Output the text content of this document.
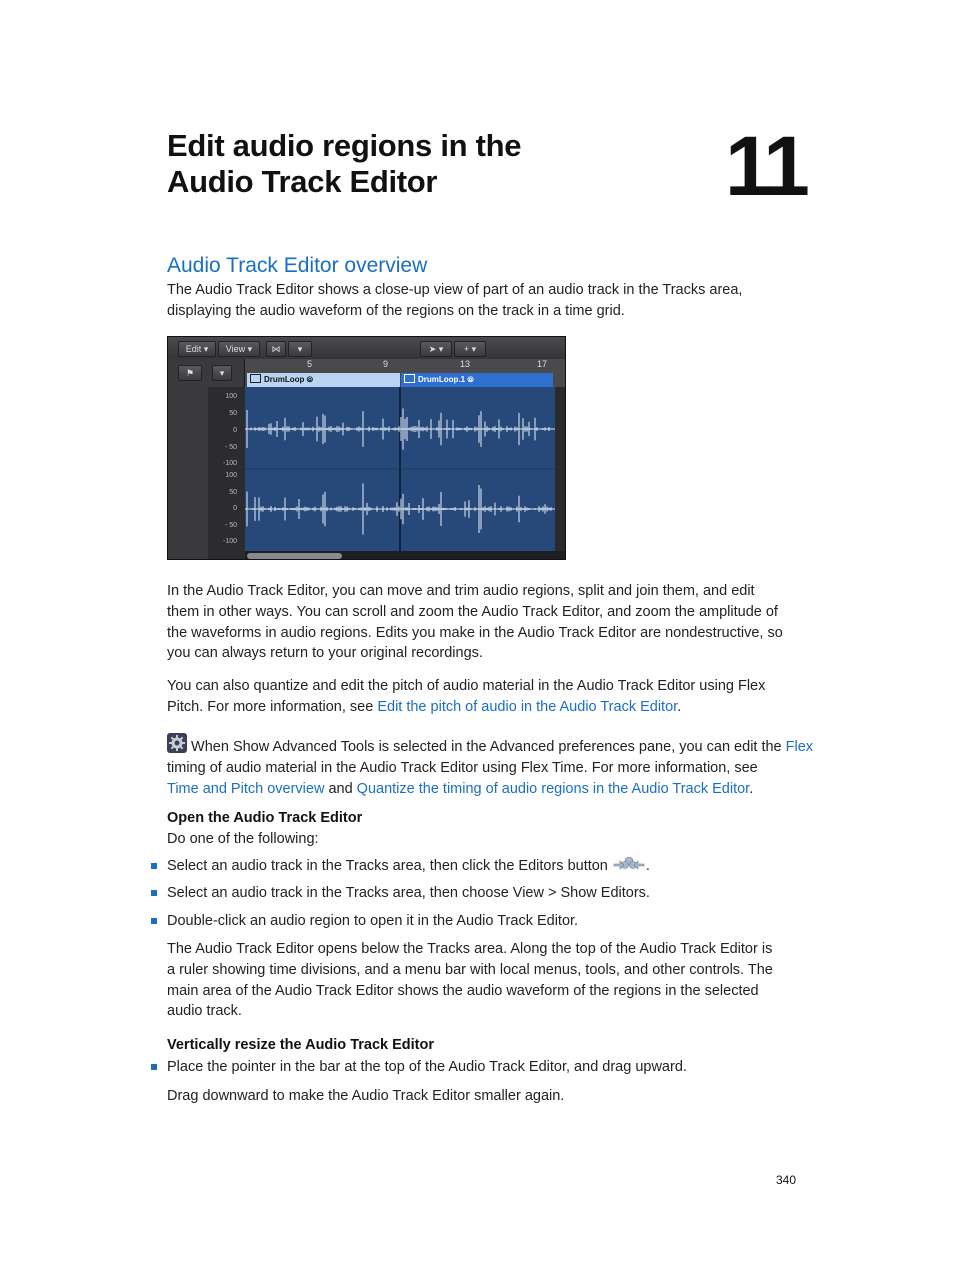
Edit audio regions in the
Audio Track Editor	11
Audio Track Editor overview
The Audio Track Editor shows a close-up view of part of an audio track in the Tracks area,
displaying the audio waveform of the regions on the track in a time grid.
Edit ▾	View ▾	⋈	▾	➤ ▾	+ ▾
⚑	▾
5	9	13	17
DrumLoop ⦾	DrumLoop.1 ⦾
100
50
0
- 50
-100
100
50
0
- 50
-100
In the Audio Track Editor, you can move and trim audio regions, split and join them, and edit
them in other ways. You can scroll and zoom the Audio Track Editor, and zoom the amplitude of
the waveforms in audio regions. Edits you make in the Audio Track Editor are nondestructive, so
you can always return to your original recordings.
You can also quantize and edit the pitch of audio material in the Audio Track Editor using Flex
Pitch. For more information, see Edit the pitch of audio in the Audio Track Editor.
When Show Advanced Tools is selected in the Advanced preferences pane, you can edit the Flex
timing of audio material in the Audio Track Editor using Flex Time. For more information, see
Time and Pitch overview and Quantize the timing of audio regions in the Audio Track Editor.
Open the Audio Track Editor
Do one of the following:
Select an audio track in the Tracks area, then click the Editors button	.
Select an audio track in the Tracks area, then choose View > Show Editors.
Double-click an audio region to open it in the Audio Track Editor.
The Audio Track Editor opens below the Tracks area. Along the top of the Audio Track Editor is
a ruler showing time divisions, and a menu bar with local menus, tools, and other controls. The
main area of the Audio Track Editor shows the audio waveform of the regions in the selected
audio track.
Vertically resize the Audio Track Editor
Place the pointer in the bar at the top of the Audio Track Editor, and drag upward.
Drag downward to make the Audio Track Editor smaller again.
340
